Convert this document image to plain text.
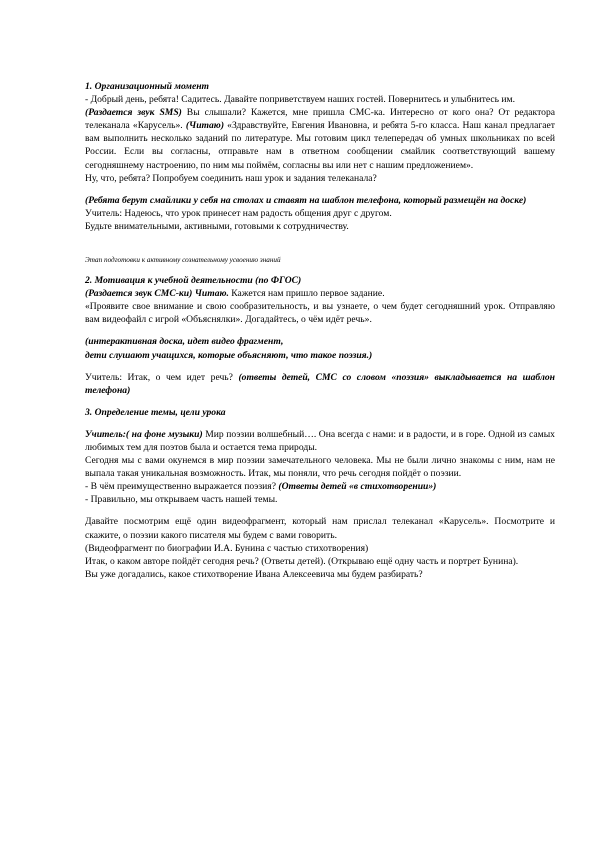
1. Организационный момент

- Добрый день, ребята! Садитесь. Давайте поприветствуем наших гостей. Повернитесь и улыбнитесь им.

(Раздается звук SMS) Вы слышали? Кажется, мне пришла СМС-ка. Интересно от кого она? От редактора телеканала «Карусель». (Читаю) «Здравствуйте, Евгения Ивановна, и ребята 5-го класса. Наш канал предлагает вам выполнить несколько заданий по литературе. Мы готовим цикл телепередач об умных школьниках по всей России. Если вы согласны, отправьте нам в ответном сообщении смайлик соответствующий вашему сегодняшнему настроению, по ним мы поймём, согласны вы или нет с нашим предложением».

Ну, что, ребята? Попробуем соединить наш урок и задания телеканала?

(Ребята берут смайлики у себя на столах и ставят на шаблон телефона, который размещён на доске)

Учитель: Надеюсь, что урок принесет нам радость общения друг с другом.

Будьте внимательными, активными, готовыми к сотрудничеству.

Этап подготовки к активному сознательному усвоению знаний

2. Мотивация к учебной деятельности (по ФГОС)

(Раздается звук СМС-ки) Читаю. Кажется нам пришло первое задание.

«Проявите свое внимание и свою сообразительность, и вы узнаете, о чем будет сегодняшний урок. Отправляю вам видеофайл с игрой «Объяснялки». Догадайтесь, о чём идёт речь».

(интерактивная доска, идет видео фрагмент,

дети слушают учащихся, которые объясняют, что такое поэзия.)

Учитель: Итак, о чем идет речь? (ответы детей, СМС со словом «поэзия» выкладывается на шаблон телефона)

3. Определение темы, цели урока

Учитель:( на фоне музыки) Мир поэзии волшебный…. Она всегда с нами: и в радости, и в горе. Одной из самых любимых тем для поэтов была и остается тема природы.

Сегодня мы с вами окунемся в мир поэзии замечательного человека. Мы не были лично знакомы с ним, нам не выпала такая уникальная возможность. Итак, мы поняли, что речь сегодня пойдёт о поэзии.

- В чём преимущественно выражается поэзия? (Ответы детей «в стихотворении»)

- Правильно, мы открываем часть нашей темы.

Давайте посмотрим ещё один видеофрагмент, который нам прислал телеканал «Карусель». Посмотрите и скажите, о поэзии какого писателя мы будем с вами говорить.

(Видеофрагмент по биографии И.А. Бунина с частью стихотворения)

Итак, о каком авторе пойдёт сегодня речь? (Ответы детей). (Открываю ещё одну часть и портрет Бунина).

Вы уже догадались, какое стихотворение Ивана Алексеевича мы будем разбирать?
